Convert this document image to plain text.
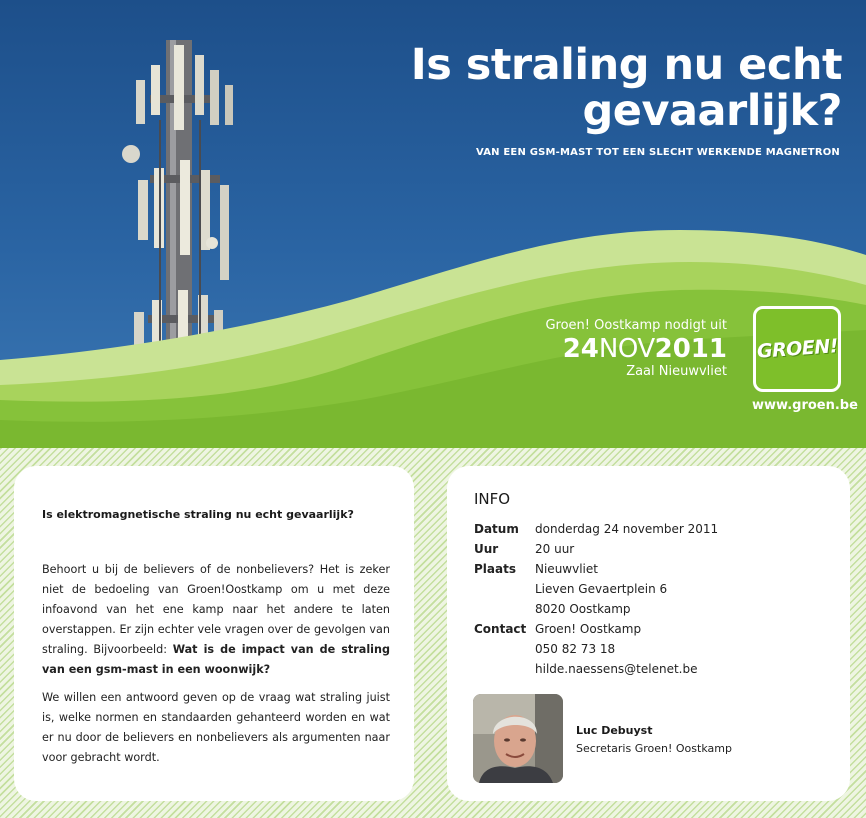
Is straling nu echt
gevaarlijk?
VAN EEN GSM-MAST TOT EEN SLECHT WERKENDE MAGNETRON
Groen! Oostkamp nodigt uit
24NOV2011
Zaal Nieuwvliet
GROEN!
www.groen.be
Is elektromagnetische straling nu echt gevaarlijk?

Behoort u bij de believers of de nonbelievers? Het is zeker niet de bedoeling van Groen!Oostkamp om u met deze infoavond van het ene kamp naar het andere te laten overstappen. Er zijn echter vele vragen over de gevolgen van straling. Bijvoorbeeld: Wat is de impact van de straling van een gsm-mast in een woonwijk?

We willen een antwoord geven op de vraag wat straling juist is, welke normen en standaarden gehanteerd worden en wat er nu door de believers en nonbelievers als argumenten naar voor gebracht wordt.

INFO
Datum	donderdag 24 november 2011
Uur	20 uur
Plaats	Nieuwvliet
Lieven Gevaertplein 6
8020 Oostkamp
Contact Groen! Oostkamp
050 82 73 18
hilde.naessens@telenet.be
Luc Debuyst
Secretaris Groen! Oostkamp
